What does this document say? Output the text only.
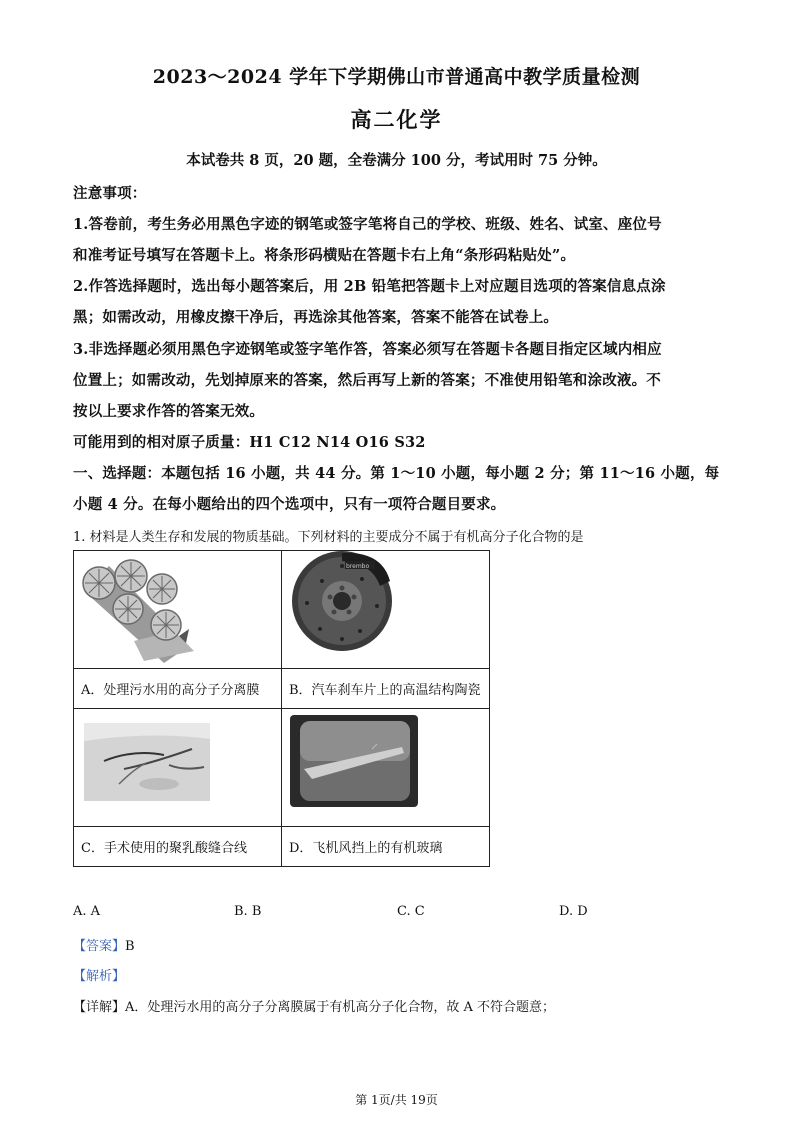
2023～2024 学年下学期佛山市普通高中教学质量检测
高二化学
本试卷共 8 页，20 题，全卷满分 100 分，考试用时 75 分钟。
注意事项：
1.答卷前，考生务必用黑色字迹的钢笔或签字笔将自己的学校、班级、姓名、试室、座位号
和准考证号填写在答题卡上。将条形码横贴在答题卡右上角“条形码粘贴处”。
2.作答选择题时，选出每小题答案后，用 2B 铅笔把答题卡上对应题目选项的答案信息点涂
黑；如需改动，用橡皮擦干净后，再选涂其他答案，答案不能答在试卷上。
3.非选择题必须用黑色字迹钢笔或签字笔作答，答案必须写在答题卡各题目指定区域内相应
位置上；如需改动，先划掉原来的答案，然后再写上新的答案；不准使用铅笔和涂改液。不
按以上要求作答的答案无效。
可能用到的相对原子质量：H1 C12 N14 O16 S32
一、选择题：本题包括 16 小题，共 44 分。第 1～10 小题，每小题 2 分；第 11～16 小题，每
小题 4 分。在每小题给出的四个选项中，只有一项符合题目要求。
1. 材料是人类生存和发展的物质基础。下列材料的主要成分不属于有机高分子化合物的是

brembo

A．处理污水用的高分子分离膜	B．汽车刹车片上的高温结构陶瓷

C．手术使用的聚乳酸缝合线	D．飞机风挡上的有机玻璃
A. A	B. B	C. C	D. D
【答案】B
【解析】
【详解】A．处理污水用的高分子分离膜属于有机高分子化合物，故 A 不符合题意；
第 1页/共 19页
